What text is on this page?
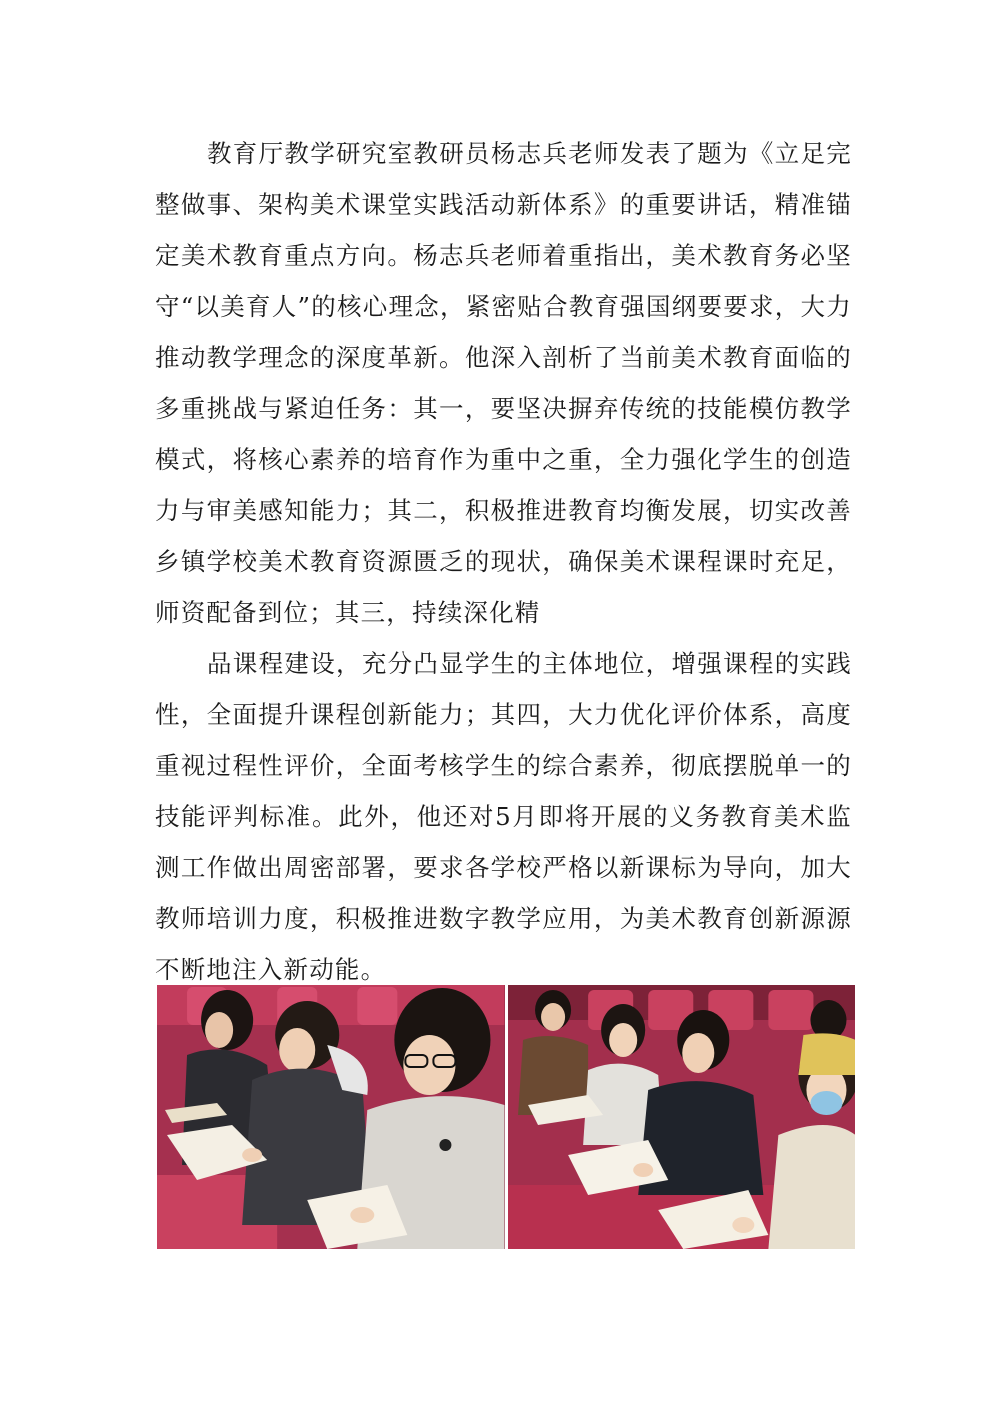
教育厅教学研究室教研员杨志兵老师发表了题为《立足完整做事、架构美术课堂实践活动新体系》的重要讲话，精准锚定美术教育重点方向。杨志兵老师着重指出，美术教育务必坚守“以美育人”的核心理念，紧密贴合教育强国纲要要求，大力推动教学理念的深度革新。他深入剖析了当前美术教育面临的多重挑战与紧迫任务：其一，要坚决摒弃传统的技能模仿教学模式，将核心素养的培育作为重中之重，全力强化学生的创造力与审美感知能力；其二，积极推进教育均衡发展，切实改善乡镇学校美术教育资源匮乏的现状，确保美术课程课时充足，师资配备到位；其三，持续深化精

品课程建设，充分凸显学生的主体地位，增强课程的实践性，全面提升课程创新能力；其四，大力优化评价体系，高度重视过程性评价，全面考核学生的综合素养，彻底摆脱单一的技能评判标准。此外，他还对5月即将开展的义务教育美术监测工作做出周密部署，要求各学校严格以新课标为导向，加大教师培训力度，积极推进数字教学应用，为美术教育创新源源不断地注入新动能。
